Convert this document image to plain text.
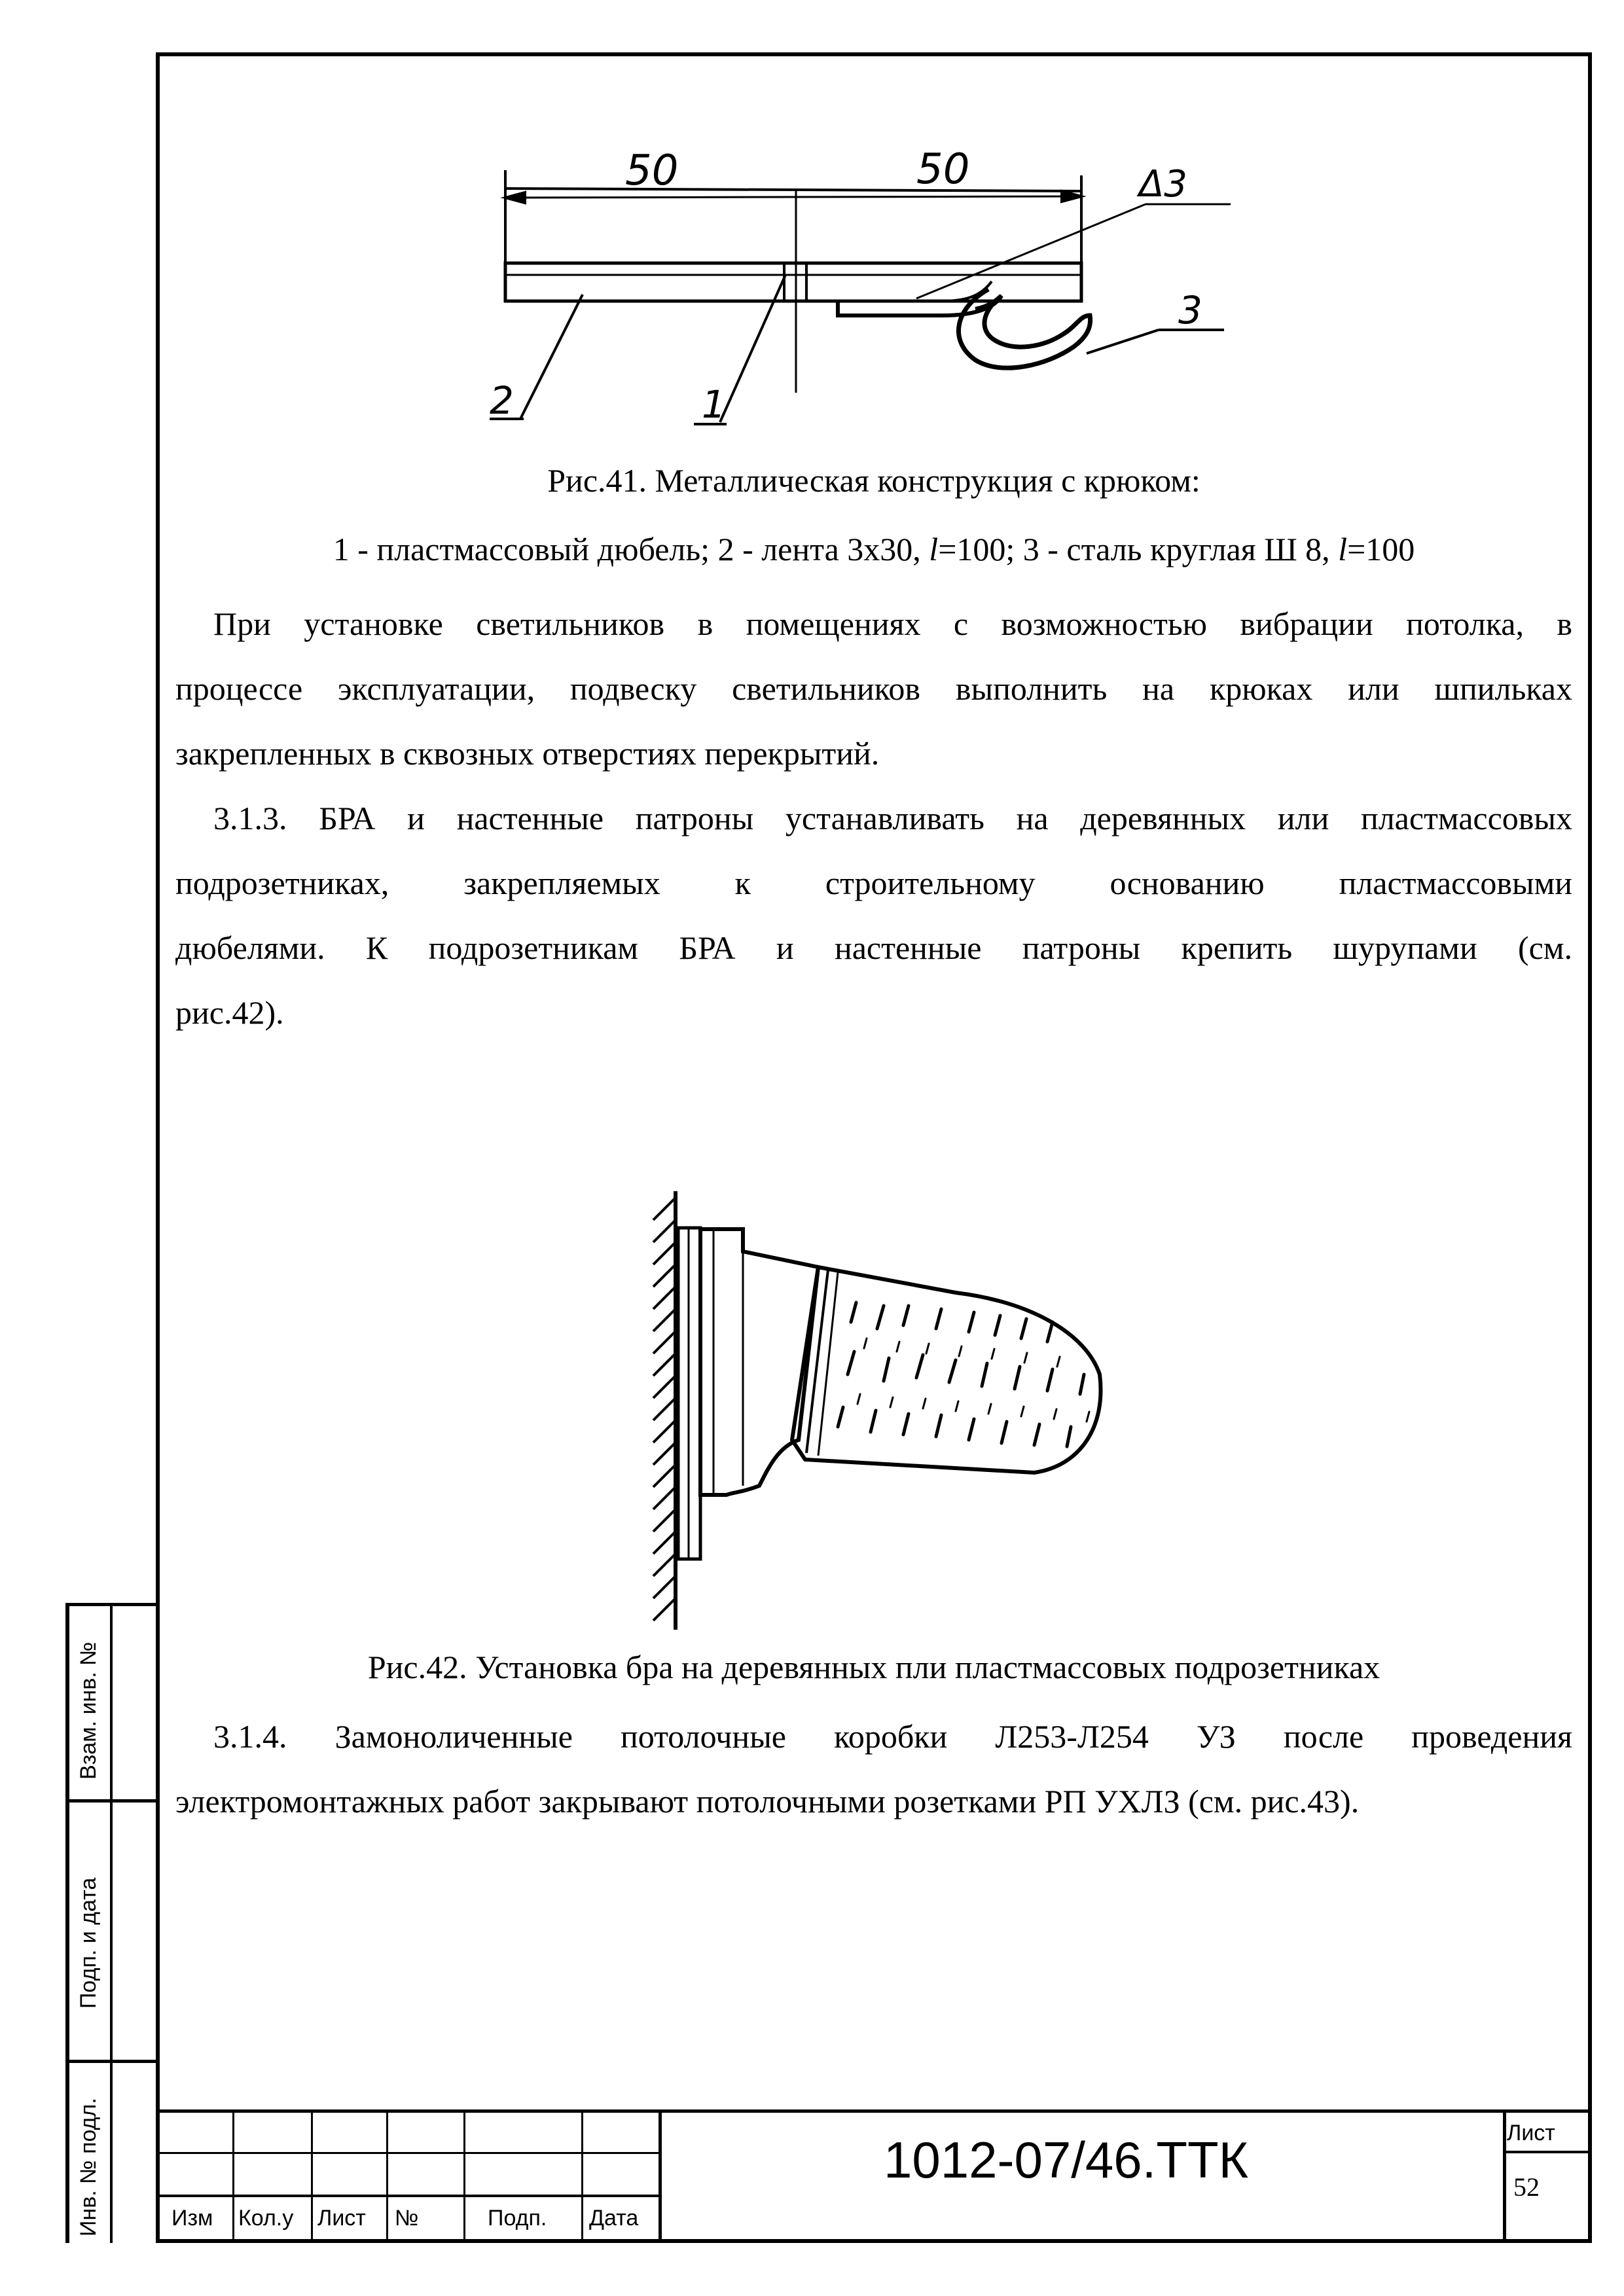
Взам. инв. №
Подп. и дата
Инв. № подл.
50	50	Δ3
2	1
3
Рис.41. Металлическая конструкция с крюком:
1 - пластмассовый дюбель; 2 - лента 3х30, l=100; 3 - сталь круглая Ш 8, l=100
При установке светильников в помещениях с возможностью вибрации потолка, в
процессе эксплуатации, подвеску светильников выполнить на крюках или шпильках
закрепленных в сквозных отверстиях перекрытий.
3.1.3. БРА и настенные патроны устанавливать на деревянных или пластмассовых
подрозетниках, закрепляемых к строительному основанию пластмассовыми
дюбелями. К подрозетникам БРА и настенные патроны крепить шурупами (см.
рис.42).
Рис.42. Установка бра на деревянных пли пластмассовых подрозетниках
3.1.4. Замоноличенные потолочные коробки Л253-Л254 УЗ после проведения
электромонтажных работ закрывают потолочными розетками РП УХЛЗ (см. рис.43).
Изм Кол.у Лист №	Подп. Дата
1012-07/46.ТТК	Лист
52
